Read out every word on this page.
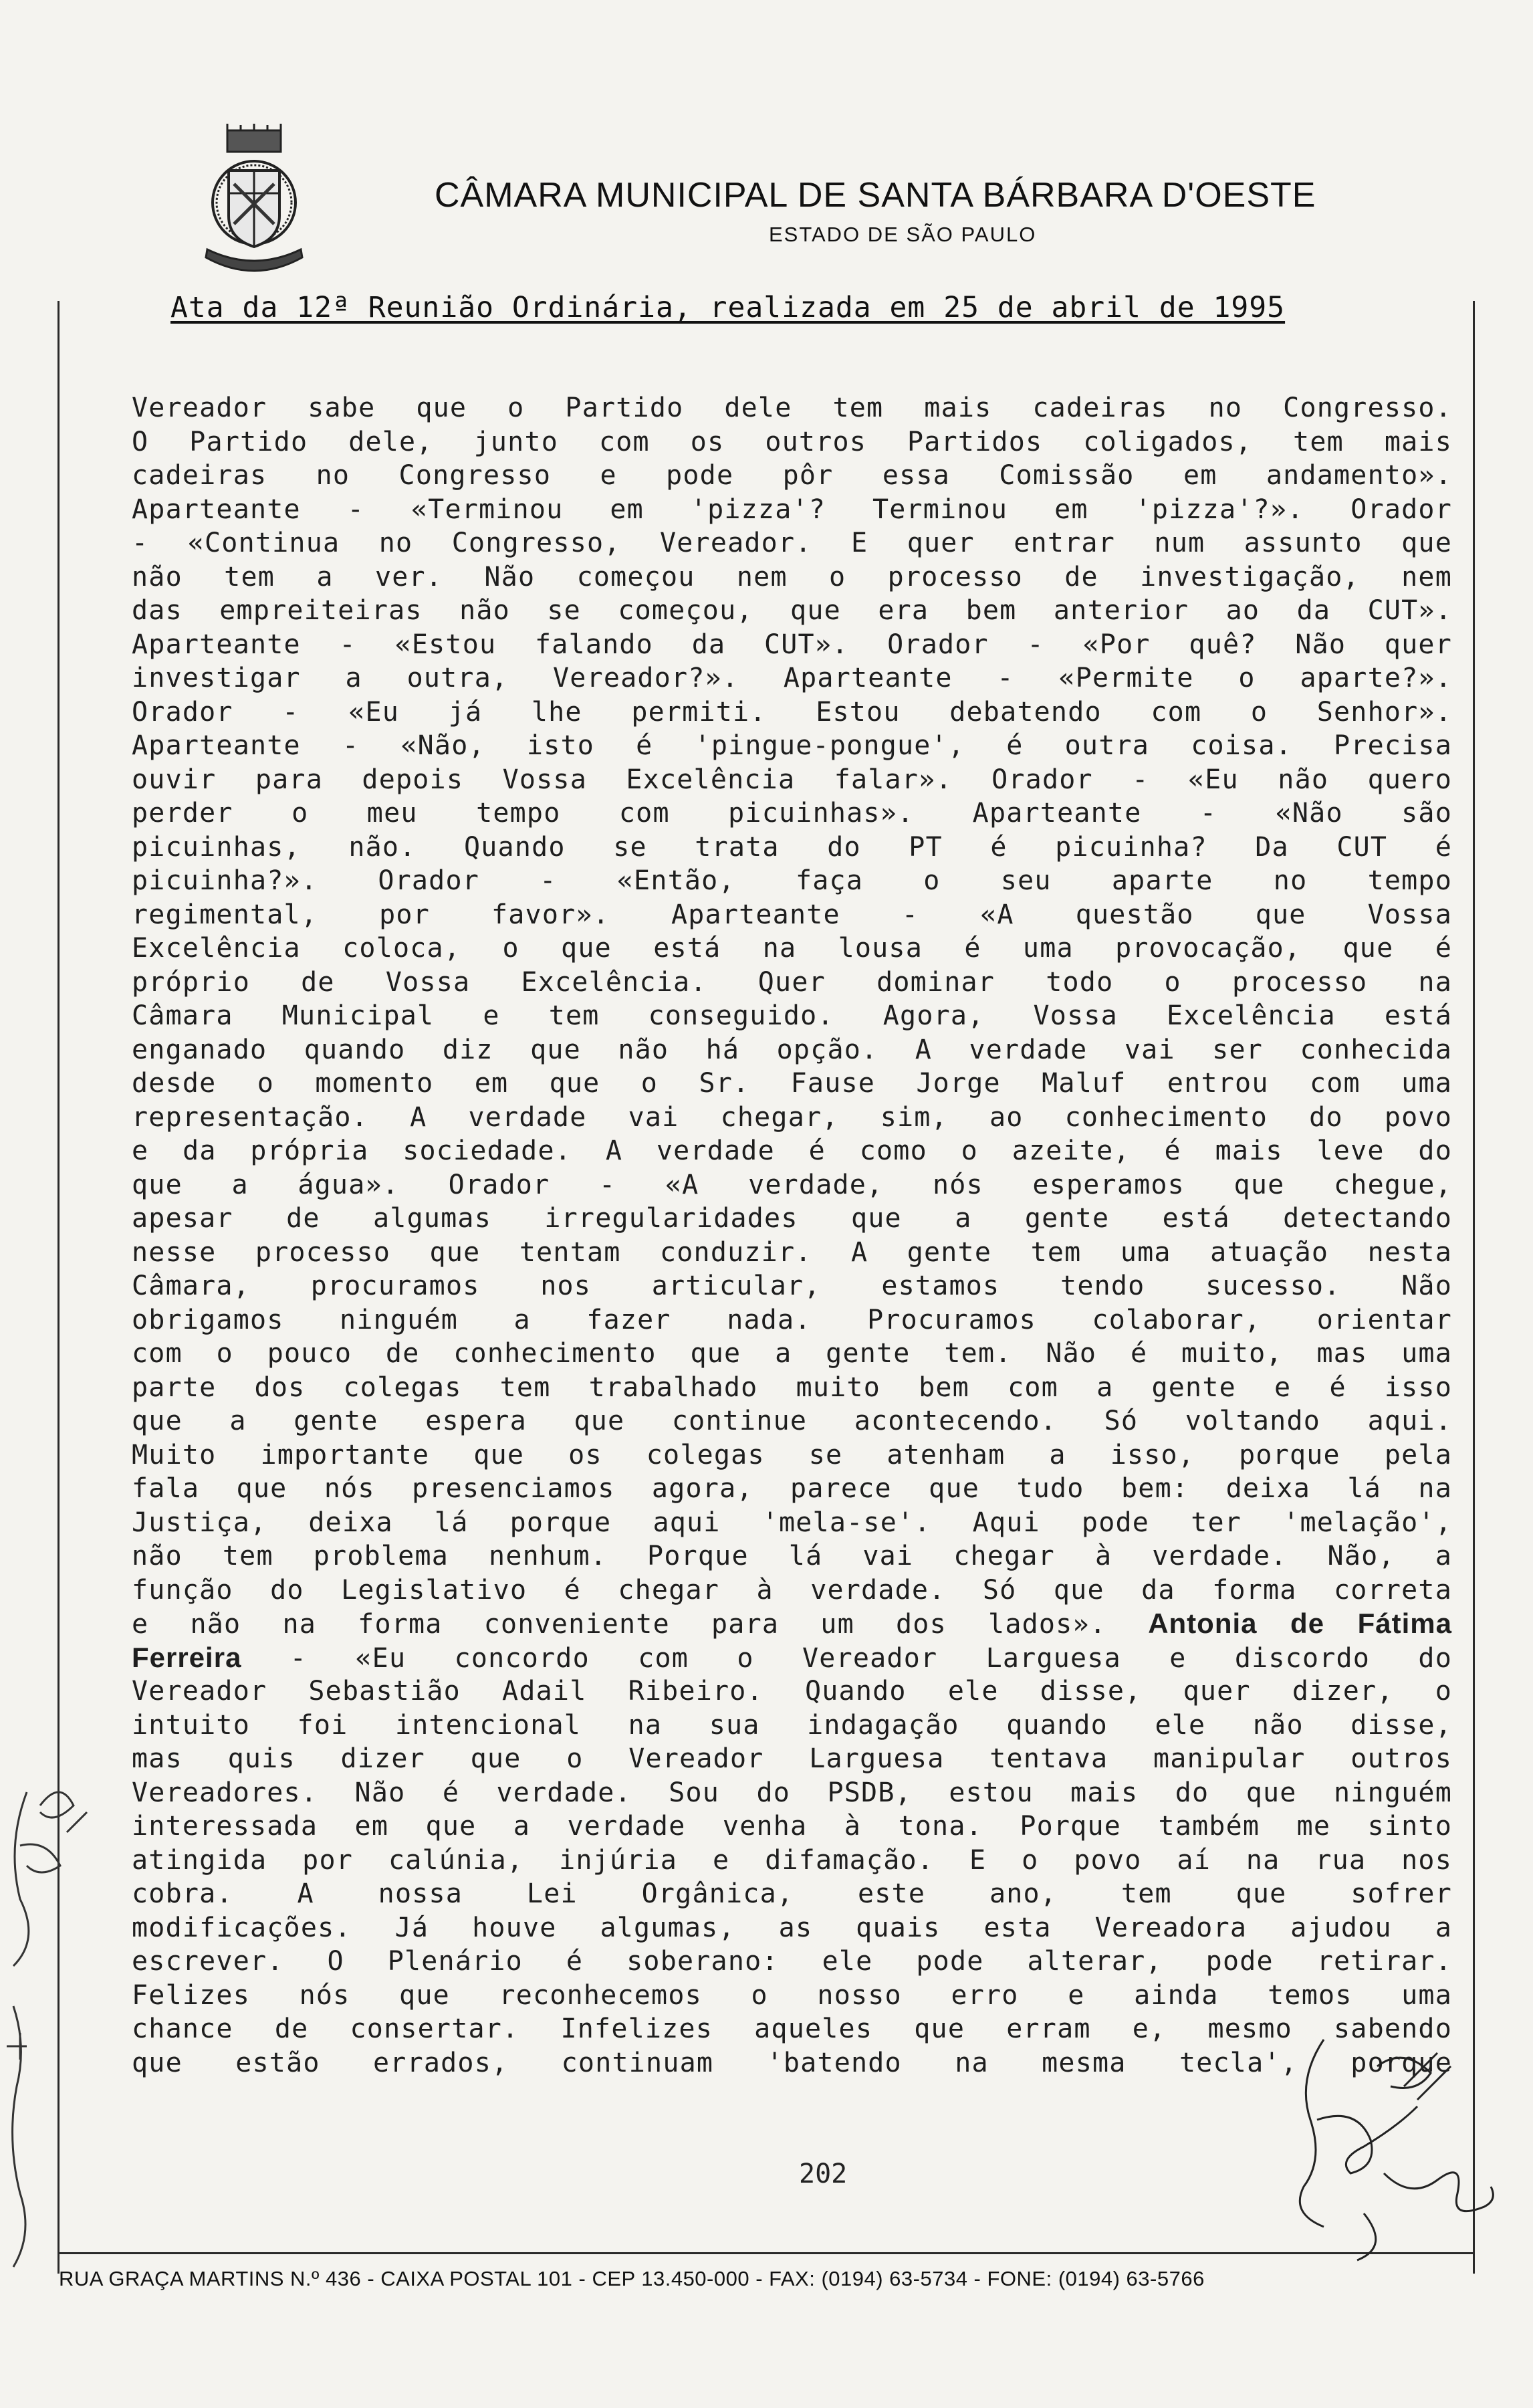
CÂMARA MUNICIPAL DE SANTA BÁRBARA D'OESTE
ESTADO DE SÃO PAULO
Ata da 12ª Reunião Ordinária, realizada em 25 de abril de 1995
Vereador sabe que o Partido dele tem mais cadeiras no Congresso.
O Partido dele, junto com os outros Partidos coligados, tem mais
cadeiras no Congresso e pode pôr essa Comissão em andamento».
Aparteante - «Terminou em 'pizza'? Terminou em 'pizza'?». Orador
- «Continua no Congresso, Vereador. E quer entrar num assunto que
não tem a ver. Não começou nem o processo de investigação, nem
das empreiteiras não se começou, que era bem anterior ao da CUT».
Aparteante - «Estou falando da CUT». Orador - «Por quê? Não quer
investigar a outra, Vereador?». Aparteante - «Permite o aparte?».
Orador - «Eu já lhe permiti. Estou debatendo com o Senhor».
Aparteante - «Não, isto é 'pingue-pongue', é outra coisa. Precisa
ouvir para depois Vossa Excelência falar». Orador - «Eu não quero
perder o meu tempo com picuinhas». Aparteante - «Não são
picuinhas, não. Quando se trata do PT é picuinha? Da CUT é
picuinha?». Orador - «Então, faça o seu aparte no tempo
regimental, por favor». Aparteante - «A questão que Vossa
Excelência coloca, o que está na lousa é uma provocação, que é
próprio de Vossa Excelência. Quer dominar todo o processo na
Câmara Municipal e tem conseguido. Agora, Vossa Excelência está
enganado quando diz que não há opção. A verdade vai ser conhecida
desde o momento em que o Sr. Fause Jorge Maluf entrou com uma
representação. A verdade vai chegar, sim, ao conhecimento do povo
e da própria sociedade. A verdade é como o azeite, é mais leve do
que a água». Orador - «A verdade, nós esperamos que chegue,
apesar de algumas irregularidades que a gente está detectando
nesse processo que tentam conduzir. A gente tem uma atuação nesta
Câmara, procuramos nos articular, estamos tendo sucesso. Não
obrigamos ninguém a fazer nada. Procuramos colaborar, orientar
com o pouco de conhecimento que a gente tem. Não é muito, mas uma
parte dos colegas tem trabalhado muito bem com a gente e é isso
que a gente espera que continue acontecendo. Só voltando aqui.
Muito importante que os colegas se atenham a isso, porque pela
fala que nós presenciamos agora, parece que tudo bem: deixa lá na
Justiça, deixa lá porque aqui 'mela-se'. Aqui pode ter 'melação',
não tem problema nenhum. Porque lá vai chegar à verdade. Não, a
função do Legislativo é chegar à verdade. Só que da forma correta
e não na forma conveniente para um dos lados». Antonia de Fátima
Ferreira - «Eu concordo com o Vereador Larguesa e discordo do
Vereador Sebastião Adail Ribeiro. Quando ele disse, quer dizer, o
intuito foi intencional na sua indagação quando ele não disse,
mas quis dizer que o Vereador Larguesa tentava manipular outros
Vereadores. Não é verdade. Sou do PSDB, estou mais do que ninguém
interessada em que a verdade venha à tona. Porque também me sinto
atingida por calúnia, injúria e difamação. E o povo aí na rua nos
cobra. A nossa Lei Orgânica, este ano, tem que sofrer
modificações. Já houve algumas, as quais esta Vereadora ajudou a
escrever. O Plenário é soberano: ele pode alterar, pode retirar.
Felizes nós que reconhecemos o nosso erro e ainda temos uma
chance de consertar. Infelizes aqueles que erram e, mesmo sabendo
que estão errados, continuam 'batendo na mesma tecla', porque
202
RUA GRAÇA MARTINS N.º 436 - CAIXA POSTAL 101 - CEP 13.450-000 - FAX: (0194) 63-5734 - FONE: (0194) 63-5766
